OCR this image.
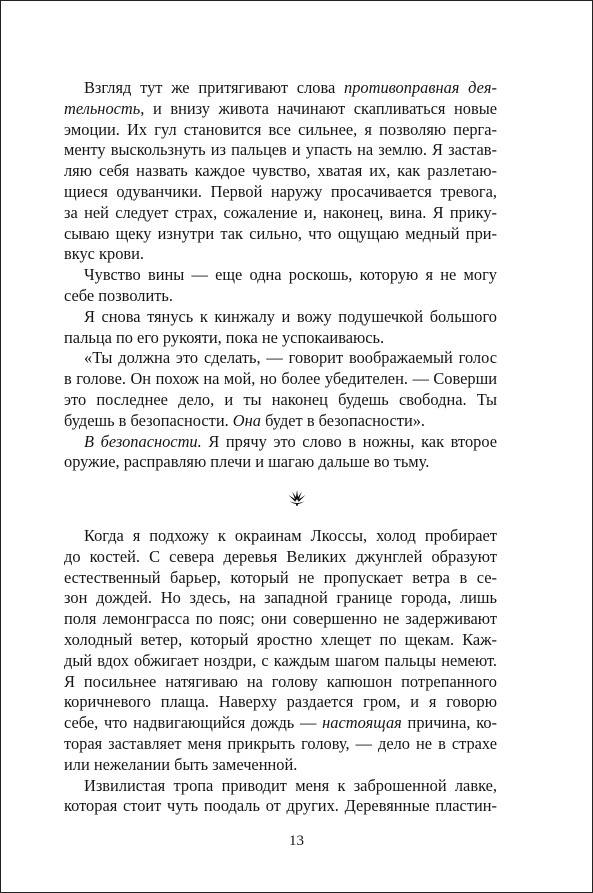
Взгляд тут же притягивают слова противоправная дея-
тельность, и внизу живота начинают скапливаться новые
эмоции. Их гул становится все сильнее, я позволяю перга-
менту выскользнуть из пальцев и упасть на землю. Я застав-
ляю себя назвать каждое чувство, хватая их, как разлетаю-
щиеся одуванчики. Первой наружу просачивается тревога,
за ней следует страх, сожаление и, наконец, вина. Я прику-
сываю щеку изнутри так сильно, что ощущаю медный при-
вкус крови.
Чувство вины — еще одна роскошь, которую я не могу
себе позволить.
Я снова тянусь к кинжалу и вожу подушечкой большого
пальца по его рукояти, пока не успокаиваюсь.
«Ты должна это сделать, — говорит воображаемый голос
в голове. Он похож на мой, но более убедителен. — Соверши
это последнее дело, и ты наконец будешь свободна. Ты
будешь в безопасности. Она будет в безопасности».
В безопасности. Я прячу это слово в ножны, как второе
оружие, расправляю плечи и шагаю дальше во тьму.
Когда я подхожу к окраинам Лкоссы, холод пробирает
до костей. С севера деревья Великих джунглей образуют
естественный барьер, который не пропускает ветра в се-
зон дождей. Но здесь, на западной границе города, лишь
поля лемонграсса по пояс; они совершенно не задерживают
холодный ветер, который яростно хлещет по щекам. Каж-
дый вдох обжигает ноздри, с каждым шагом пальцы немеют.
Я посильнее натягиваю на голову капюшон потрепанного
коричневого плаща. Наверху раздается гром, и я говорю
себе, что надвигающийся дождь — настоящая причина, ко-
торая заставляет меня прикрыть голову, — дело не в страхе
или нежелании быть замеченной.
Извилистая тропа приводит меня к заброшенной лавке,
которая стоит чуть поодаль от других. Деревянные пластин-
13
